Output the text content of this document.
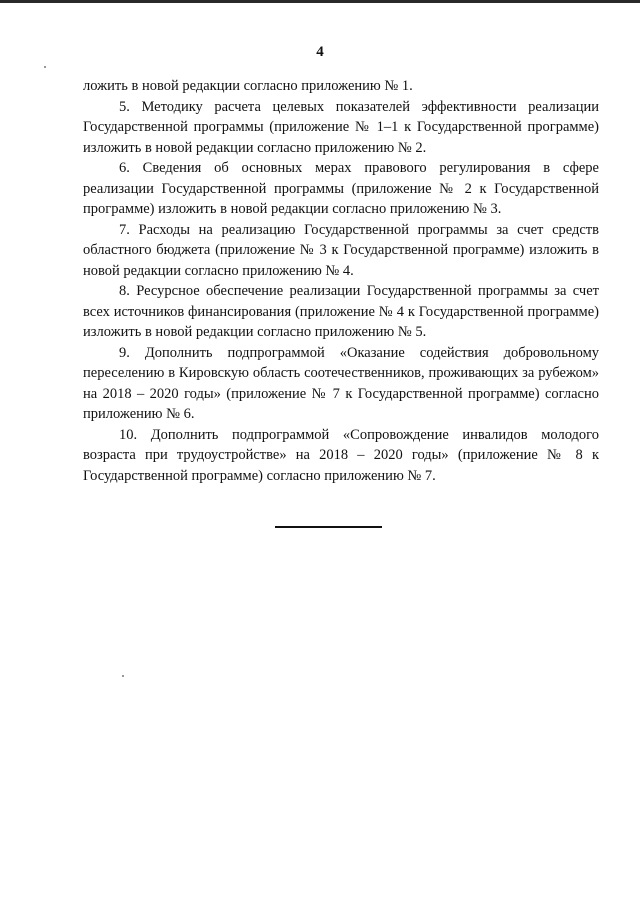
4

ложить в новой редакции согласно приложению № 1.

5. Методику расчета целевых показателей эффективности реализации Государственной программы (приложение № 1–1 к Государственной программе) изложить в новой редакции согласно приложению № 2.

6. Сведения об основных мерах правового регулирования в сфере реализации Государственной программы (приложение № 2 к Государственной программе) изложить в новой редакции согласно приложению № 3.

7. Расходы на реализацию Государственной программы за счет средств областного бюджета (приложение № 3 к Государственной программе) изложить в новой редакции согласно приложению № 4.

8. Ресурсное обеспечение реализации Государственной программы за счет всех источников финансирования (приложение № 4 к Государственной программе) изложить в новой редакции согласно приложению № 5.

9. Дополнить подпрограммой «Оказание содействия добровольному переселению в Кировскую область соотечественников, проживающих за рубежом» на 2018 – 2020 годы» (приложение № 7 к Государственной программе) согласно приложению № 6.

10. Дополнить подпрограммой «Сопровождение инвалидов молодого возраста при трудоустройстве» на 2018 – 2020 годы» (приложение № 8 к Государственной программе) согласно приложению № 7.
